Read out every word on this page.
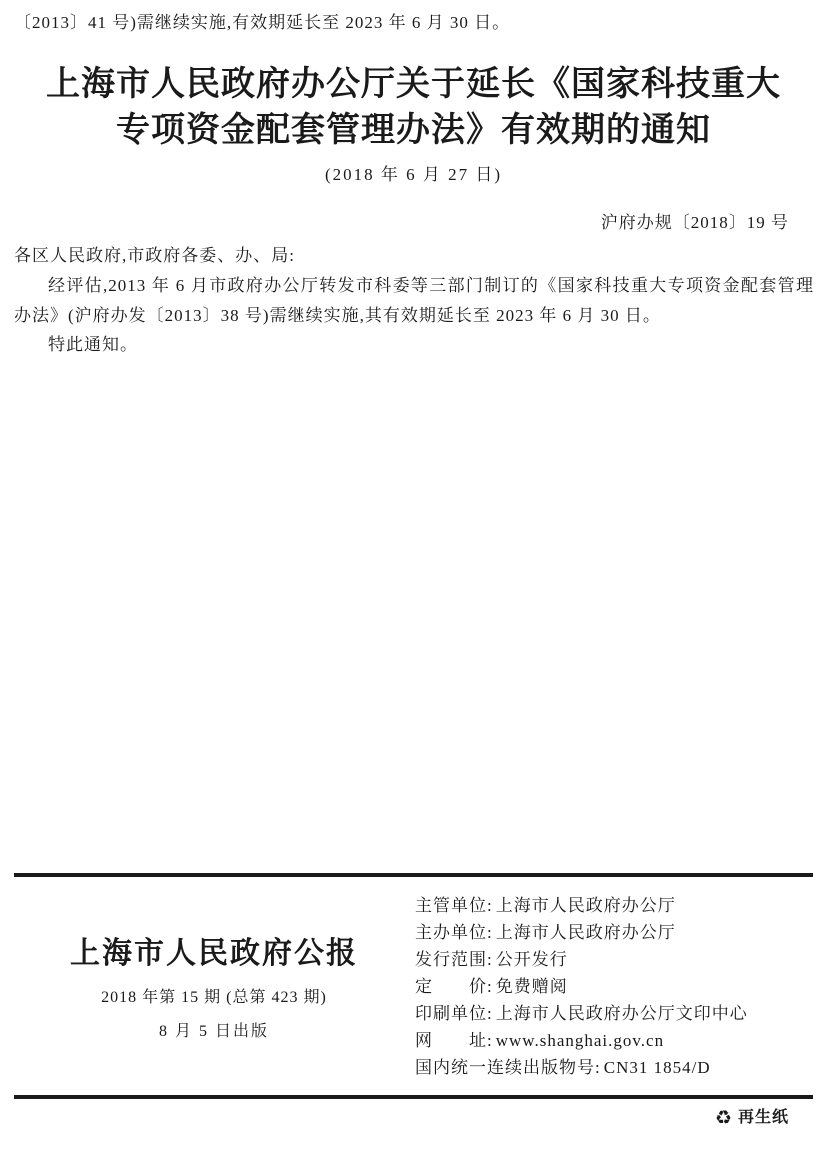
〔2013〕41 号)需继续实施,有效期延长至 2023 年 6 月 30 日。
上海市人民政府办公厅关于延长《国家科技重大
专项资金配套管理办法》有效期的通知
(2018 年 6 月 27 日)
沪府办规〔2018〕19 号
各区人民政府,市政府各委、办、局:
经评估,2013 年 6 月市政府办公厅转发市科委等三部门制订的《国家科技重大专项资金配套管理办法》(沪府办发〔2013〕38 号)需继续实施,其有效期延长至 2023 年 6 月 30 日。
特此通知。
上海市人民政府公报
2018 年第 15 期 (总第 423 期)
8 月 5 日出版
主管单位: 上海市人民政府办公厅
主办单位: 上海市人民政府办公厅
发行范围: 公开发行
定　　价: 免费赠阅
印刷单位: 上海市人民政府办公厅文印中心
网　　址: www.shanghai.gov.cn
国内统一连续出版物号: CN31 1854/D
♻ 再生纸
